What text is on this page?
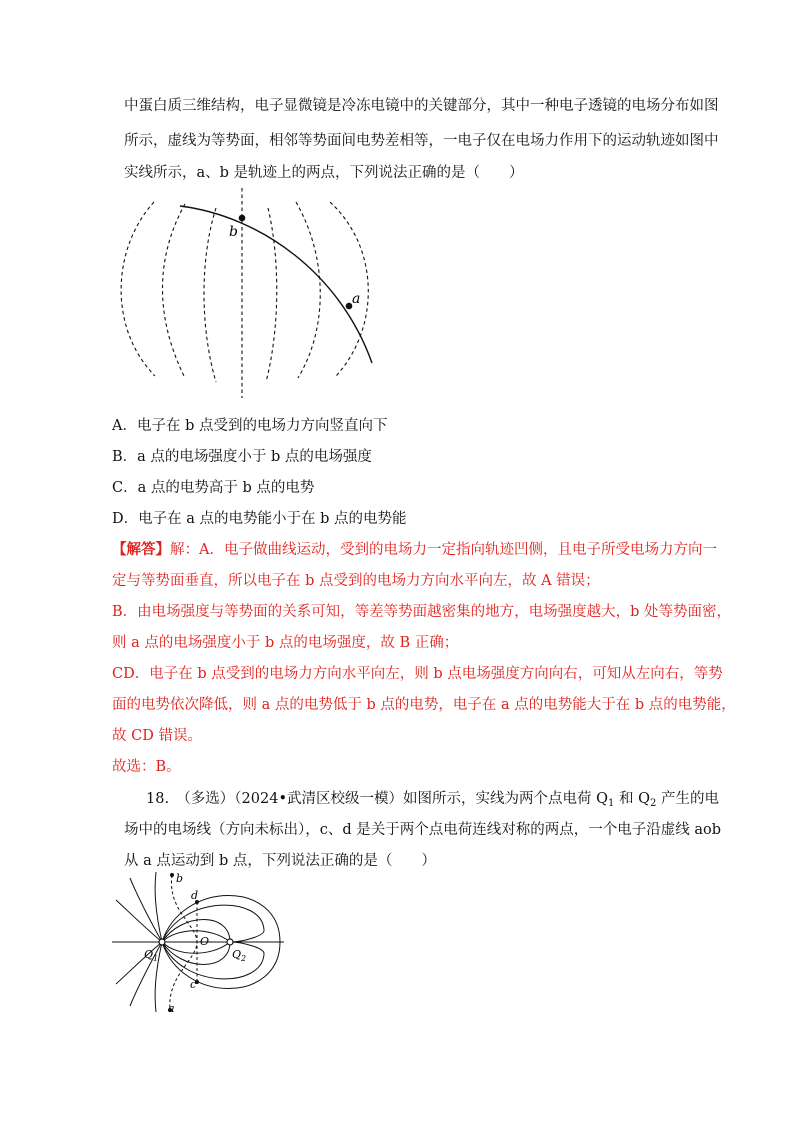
中蛋白质三维结构，电子显微镜是冷冻电镜中的关键部分，其中一种电子透镜的电场分布如图
所示，虚线为等势面，相邻等势面间电势差相等，一电子仅在电场力作用下的运动轨迹如图中
实线所示，a、b 是轨迹上的两点，下列说法正确的是（　　）
b
a
A．电子在 b 点受到的电场力方向竖直向下
B．a 点的电场强度小于 b 点的电场强度
C．a 点的电势高于 b 点的电势
D．电子在 a 点的电势能小于在 b 点的电势能
【解答】解：A．电子做曲线运动，受到的电场力一定指向轨迹凹侧，且电子所受电场力方向一
定与等势面垂直，所以电子在 b 点受到的电场力方向水平向左，故 A 错误；
B．由电场强度与等势面的关系可知，等差等势面越密集的地方，电场强度越大，b 处等势面密，
则 a 点的电场强度小于 b 点的电场强度，故 B 正确；
CD．电子在 b 点受到的电场力方向水平向左，则 b 点电场强度方向向右，可知从左向右，等势
面的电势依次降低，则 a 点的电势低于 b 点的电势，电子在 a 点的电势能大于在 b 点的电势能，
故 CD 错误。
故选：B。
18.　（多选）（2024•武清区校级一模）如图所示，实线为两个点电荷 $Q_1$ 和 $Q_2$ 产生的电
场中的电场线（方向未标出），c、d 是关于两个点电荷连线对称的两点，一个电子沿虚线 aob
从 a 点运动到 b 点，下列说法正确的是（　　）
b
d
O
$Q_1$	$Q_2$
c
a
